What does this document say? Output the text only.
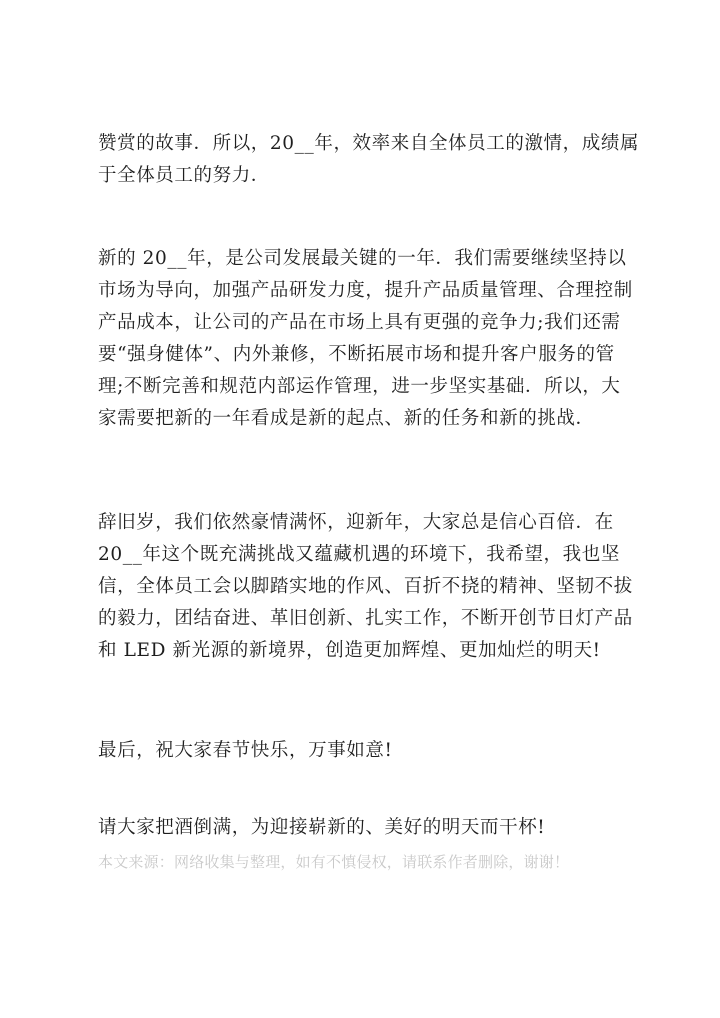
赞赏的故事．所以，20__年，效率来自全体员工的激情，成绩属
于全体员工的努力．
新的 20__年，是公司发展最关键的一年．我们需要继续坚持以
市场为导向，加强产品研发力度，提升产品质量管理、合理控制
产品成本，让公司的产品在市场上具有更强的竞争力;我们还需
要“强身健体”、内外兼修，不断拓展市场和提升客户服务的管
理;不断完善和规范内部运作管理，进一步坚实基础．所以，大
家需要把新的一年看成是新的起点、新的任务和新的挑战．
辞旧岁，我们依然豪情满怀，迎新年，大家总是信心百倍．在
20__年这个既充满挑战又蕴藏机遇的环境下，我希望，我也坚
信，全体员工会以脚踏实地的作风、百折不挠的精神、坚韧不拔
的毅力，团结奋进、革旧创新、扎实工作，不断开创节日灯产品
和 LED 新光源的新境界，创造更加辉煌、更加灿烂的明天!
最后，祝大家春节快乐，万事如意!
请大家把酒倒满，为迎接崭新的、美好的明天而干杯!
本文来源：网络收集与整理，如有不慎侵权，请联系作者删除，谢谢！
